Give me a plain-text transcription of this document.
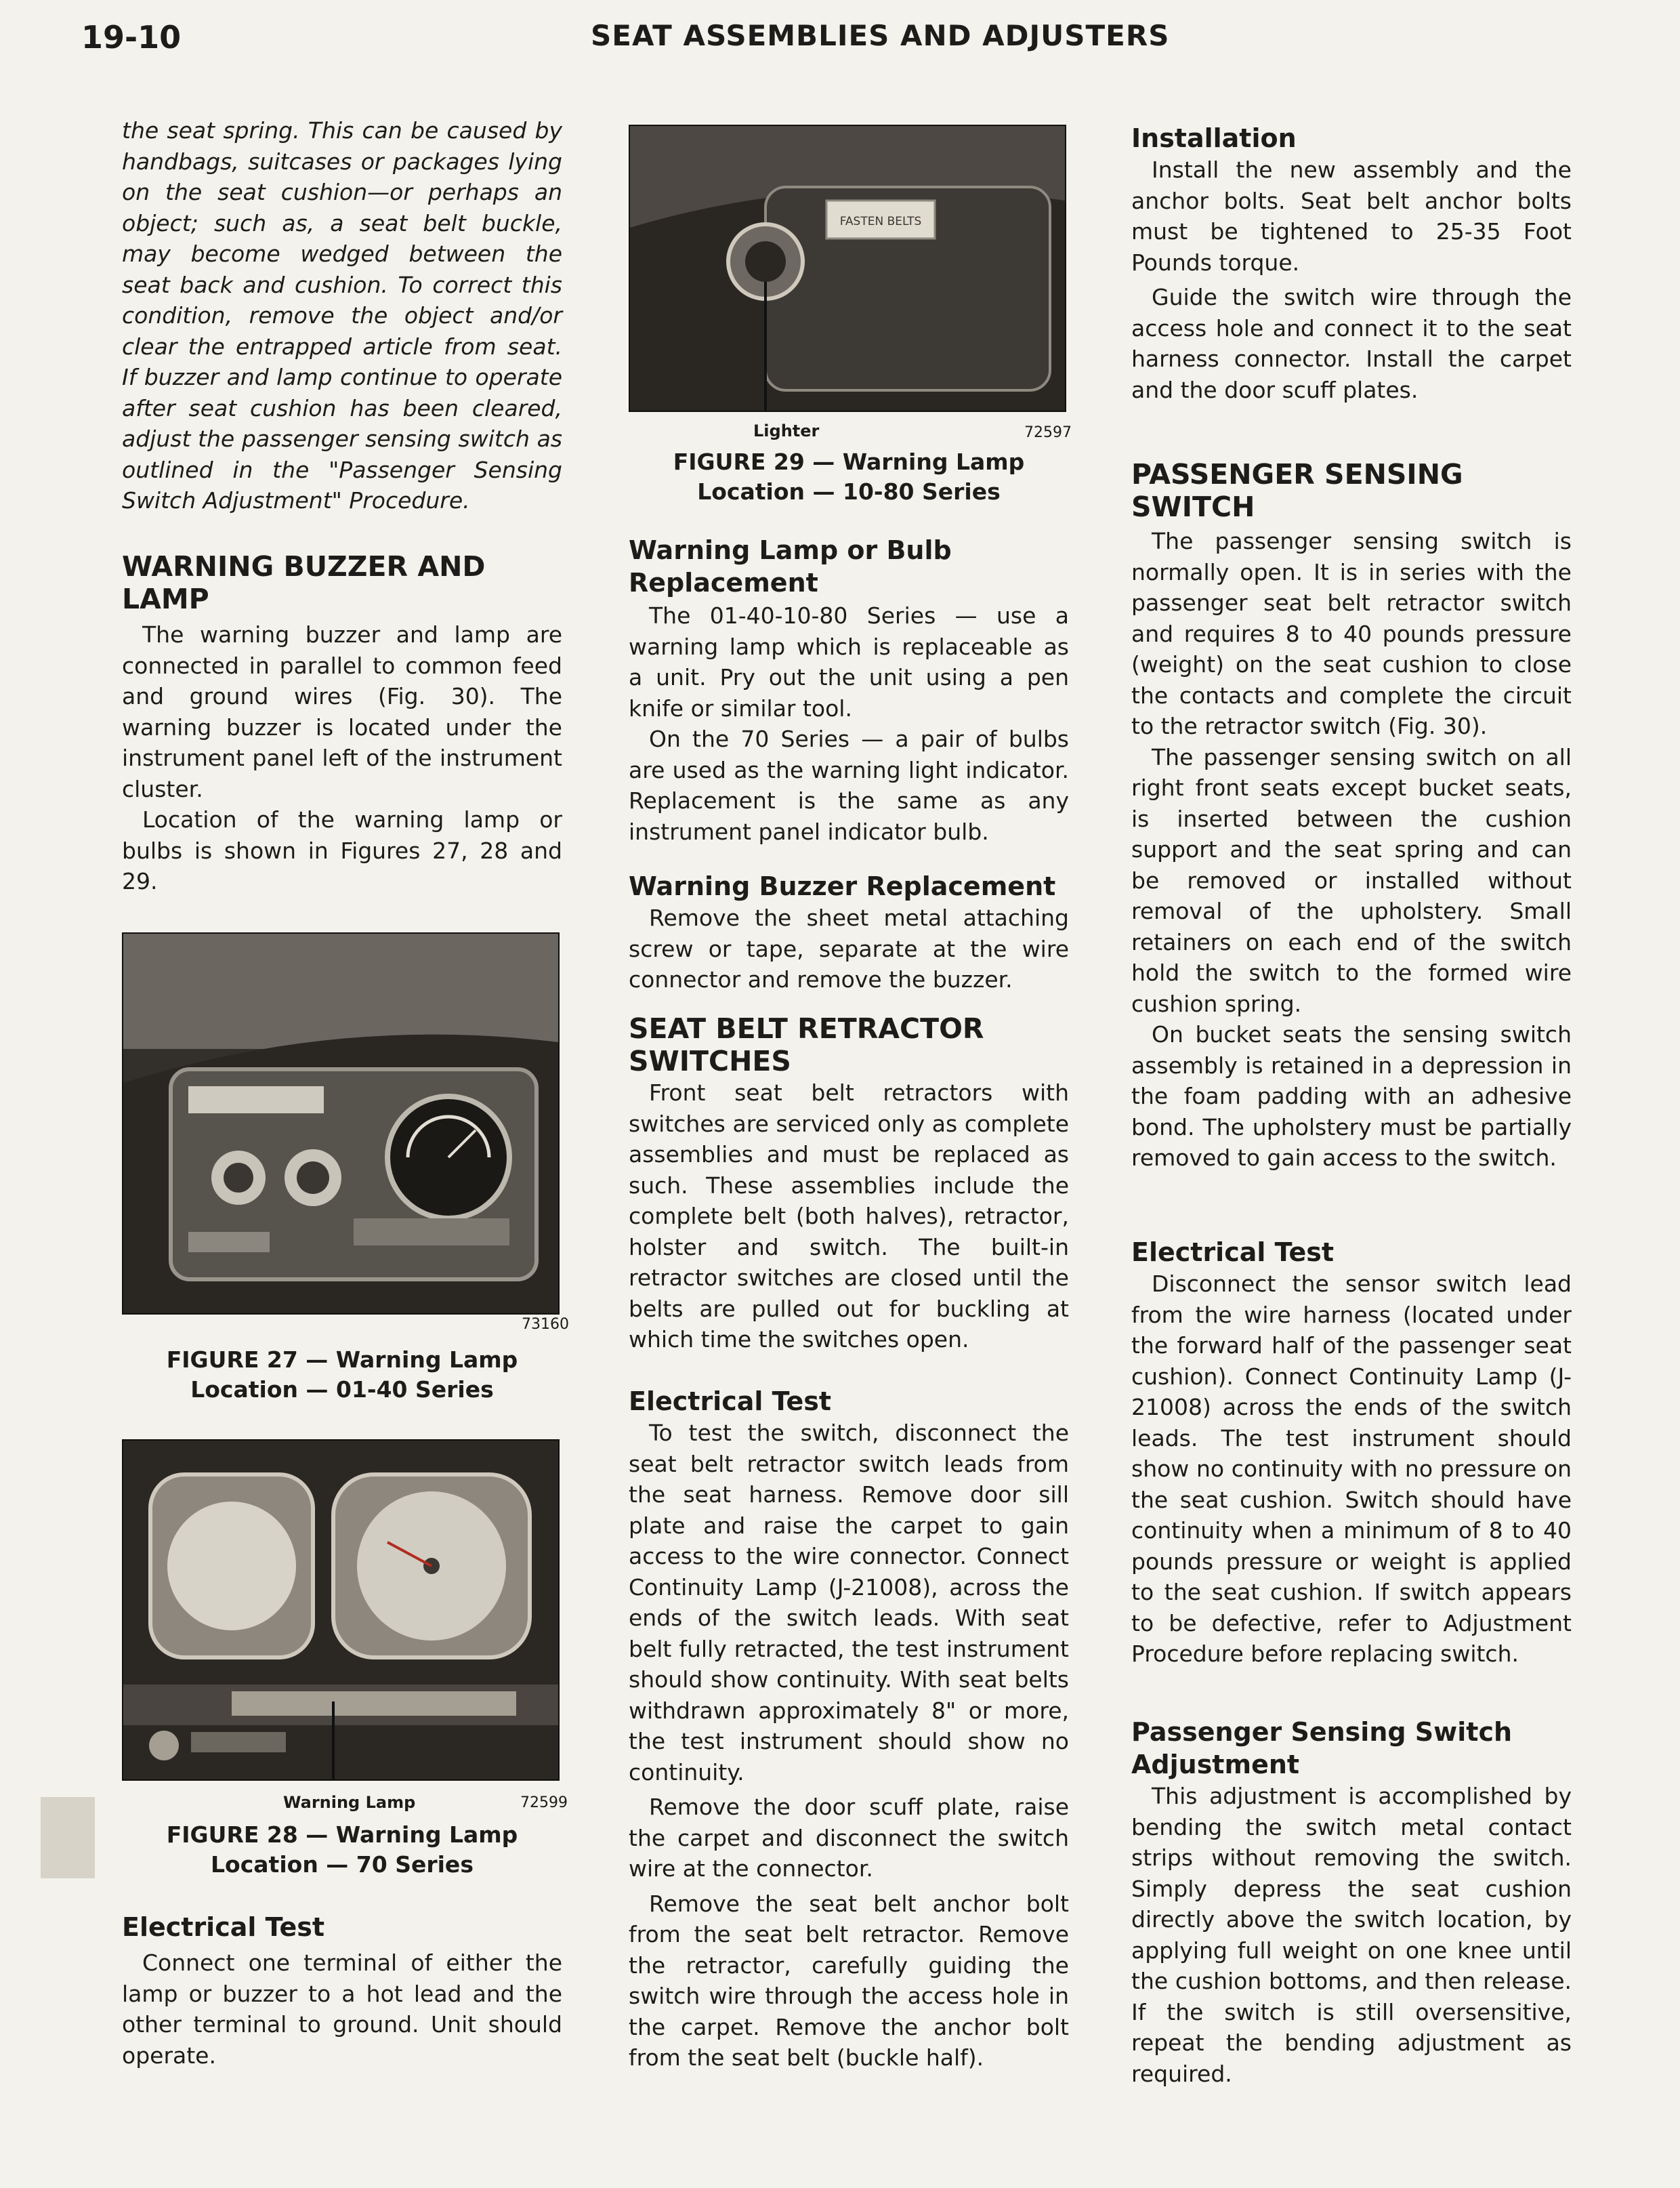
19-10	SEAT ASSEMBLIES AND ADJUSTERS

the seat spring. This can be caused by handbags, suitcases or packages lying on the seat cushion—or perhaps an object; such as, a seat belt buckle, may become wedged between the seat back and cushion. To correct this condition, remove the object and/or clear the entrapped article from seat. If buzzer and lamp continue to operate after seat cushion has been cleared, adjust the passenger sensing switch as outlined in the "Passenger Sensing Switch Adjustment" Procedure.

WARNING BUZZER AND LAMP

The warning buzzer and lamp are connected in parallel to common feed and ground wires (Fig. 30). The warning buzzer is located under the instrument panel left of the instrument cluster.

Location of the warning lamp or bulbs is shown in Figures 27, 28 and 29.

73160
FIGURE 27 — Warning Lamp
Location — 01-40 Series
Warning Lamp	72599
FIGURE 28 — Warning Lamp
Location — 70 Series
Electrical Test

Connect one terminal of either the lamp or buzzer to a hot lead and the other terminal to ground. Unit should operate.

FASTEN BELTS
Lighter	72597
FIGURE 29 — Warning Lamp
Location — 10-80 Series
Warning Lamp or Bulb Replacement

The 01-40-10-80 Series — use a warning lamp which is replaceable as a unit. Pry out the unit using a pen knife or similar tool.

On the 70 Series — a pair of bulbs are used as the warning light indicator. Replacement is the same as any instrument panel indicator bulb.

Warning Buzzer Replacement

Remove the sheet metal attaching screw or tape, separate at the wire connector and remove the buzzer.

SEAT BELT RETRACTOR SWITCHES

Front seat belt retractors with switches are serviced only as complete assemblies and must be replaced as such. These assemblies include the complete belt (both halves), retractor, holster and switch. The built-in retractor switches are closed until the belts are pulled out for buckling at which time the switches open.

Electrical Test

To test the switch, disconnect the seat belt retractor switch leads from the seat harness. Remove door sill plate and raise the carpet to gain access to the wire connector. Connect Continuity Lamp (J-21008), across the ends of the switch leads. With seat belt fully retracted, the test instrument should show continuity. With seat belts withdrawn approximately 8" or more, the test instrument should show no continuity.

Remove the door scuff plate, raise the carpet and disconnect the switch wire at the connector.

Remove the seat belt anchor bolt from the seat belt retractor. Remove the retractor, carefully guiding the switch wire through the access hole in the carpet. Remove the anchor bolt from the seat belt (buckle half).

Installation

Install the new assembly and the anchor bolts. Seat belt anchor bolts must be tightened to 25-35 Foot Pounds torque.

Guide the switch wire through the access hole and connect it to the seat harness connector. Install the carpet and the door scuff plates.

PASSENGER SENSING SWITCH

The passenger sensing switch is normally open. It is in series with the passenger seat belt retractor switch and requires 8 to 40 pounds pressure (weight) on the seat cushion to close the contacts and complete the circuit to the retractor switch (Fig. 30).

The passenger sensing switch on all right front seats except bucket seats, is inserted between the cushion support and the seat spring and can be removed or installed without removal of the upholstery. Small retainers on each end of the switch hold the switch to the formed wire cushion spring.

On bucket seats the sensing switch assembly is retained in a depression in the foam padding with an adhesive bond. The upholstery must be partially removed to gain access to the switch.

Electrical Test

Disconnect the sensor switch lead from the wire harness (located under the forward half of the passenger seat cushion). Connect Continuity Lamp (J-21008) across the ends of the switch leads. The test instrument should show no continuity with no pressure on the seat cushion. Switch should have continuity when a minimum of 8 to 40 pounds pressure or weight is applied to the seat cushion. If switch appears to be defective, refer to Adjustment Procedure before replacing switch.

Passenger Sensing Switch Adjustment

This adjustment is accomplished by bending the switch metal contact strips without removing the switch. Simply depress the seat cushion directly above the switch location, by applying full weight on one knee until the cushion bottoms, and then release. If the switch is still oversensitive, repeat the bending adjustment as required.
